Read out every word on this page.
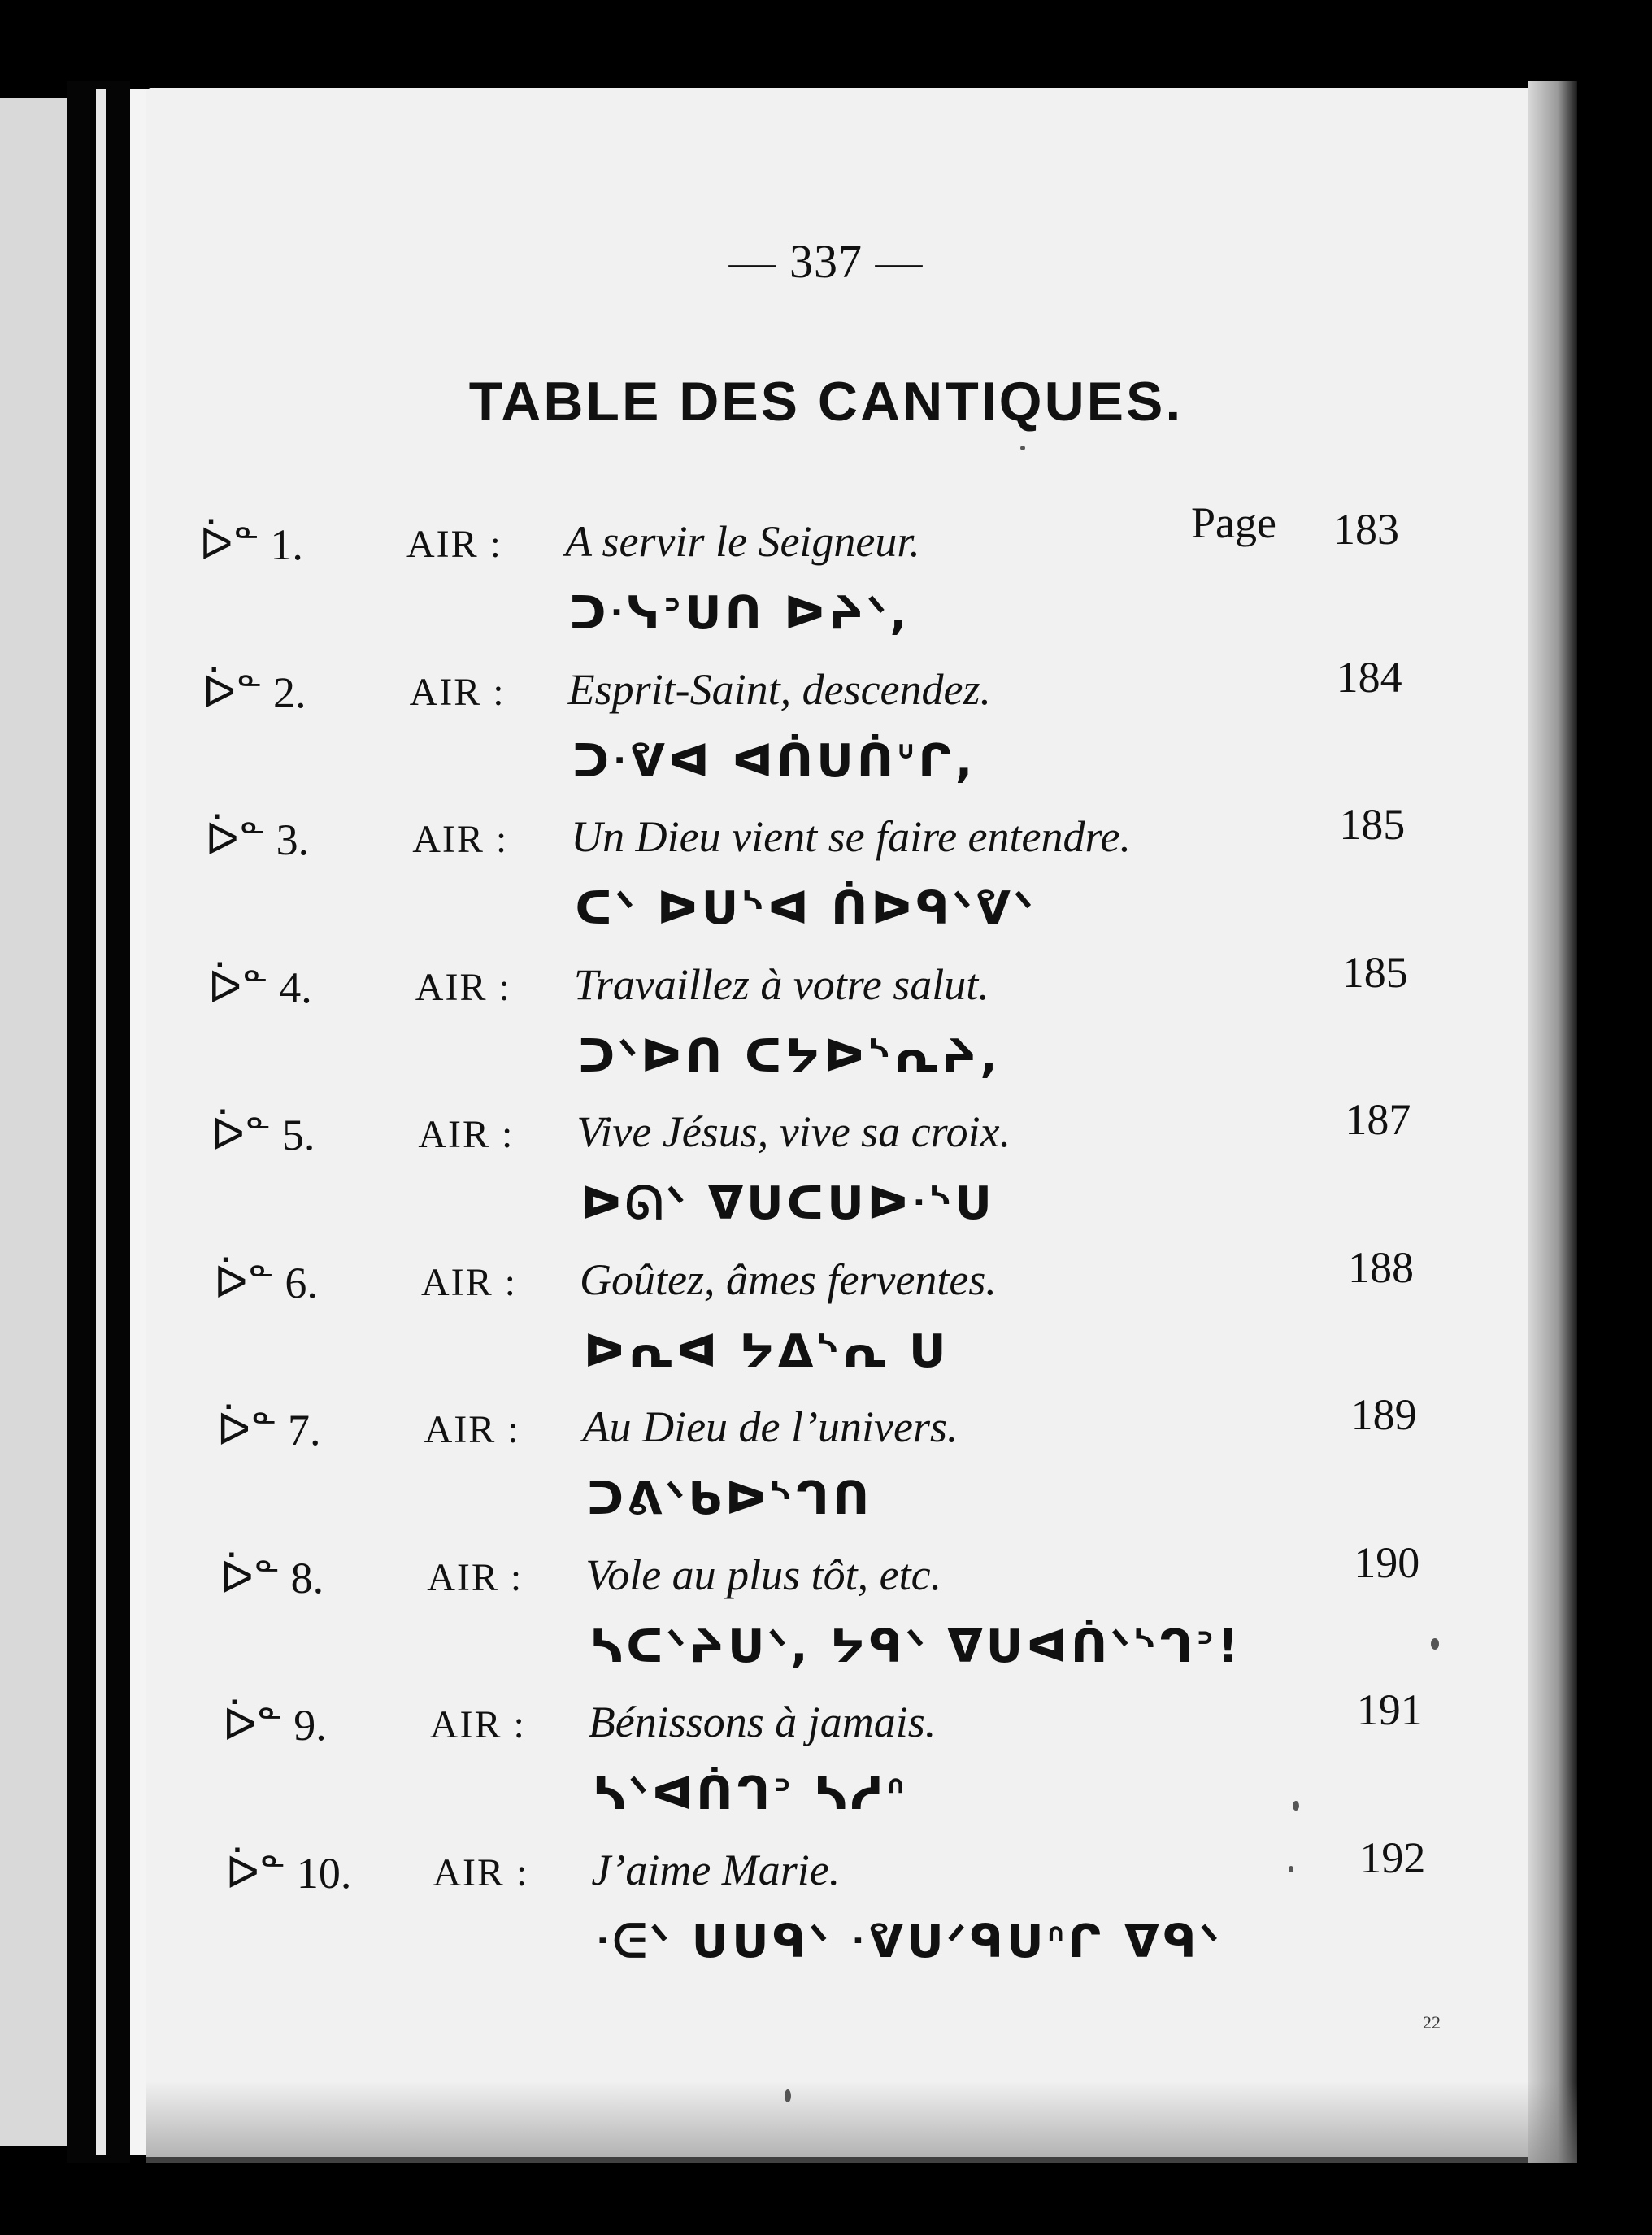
— 337 —
TABLE DES CANTIQUES.
Page
ᐆᓐ 1.	AIR : A servir le Seigneur.	183
ᑐᐧᓭᐣᑌᑎ ᐅᔨᐠ,
ᐆᓐ 2.	AIR : Esprit-Saint, descendez.	184
ᑐᐧᕓᐊ ᐊᑏᑌᑏᐡᒋ,
ᐆᓐ 3.	AIR : Un Dieu vient se faire entendre.	185
ᑕᐠ ᐅᑌᔅᐊ ᑏᐅᑫᐠᕓᐠ
ᐆᓐ 4.	AIR : Travaillez à votre salut.	185
ᑐᐠᐅᑎ ᑕᔭᐅᔅᕆᔨ,
ᐆᓐ 5.	AIR : Vive Jésus, vive sa croix.	187
ᐅᘏᐠ ᐁᑌᑕᑌᐅᐧᔅᑌ
ᐆᓐ 6.	AIR : Goûtez, âmes ferventes.	188
ᐅᕆᐊ ᔭᐃᔅᕆ ᑌ
ᐆᓐ 7.	AIR : Au Dieu de l’univers.	189
ᑐᕕᐠᑲᐅᔅᒉᑎ
ᐆᓐ 8.	AIR : Vole au plus tôt, etc.	190
ᓴᑕᐠᔨᑌᐠ, ᔭᑫᐠ ᐁᑌᐊᑏᐠᔅᒉᐣ!
ᐆᓐ 9.	AIR : Bénissons à jamais.	191
ᓴᐠᐊᑏᒉᐣ ᓴᓱᐢ
ᐆᓐ 10. AIR : J’aime Marie.	192
ᐧᕮᐠ ᑌᑌᑫᐠ ᐧᕓᑌᐟᑫᑌᐢᒋ ᐁᑫᐠ
22
